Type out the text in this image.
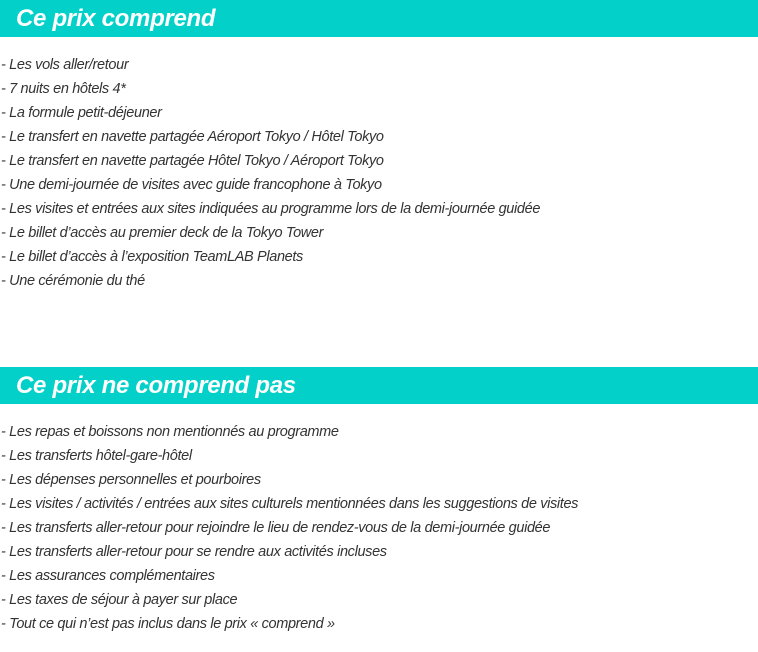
Ce prix comprend
- Les vols aller/retour
- 7 nuits en hôtels 4*
- La formule petit-déjeuner
- Le transfert en navette partagée Aéroport Tokyo / Hôtel Tokyo
- Le transfert en navette partagée Hôtel Tokyo / Aéroport Tokyo
- Une demi-journée de visites avec guide francophone à Tokyo
- Les visites et entrées aux sites indiquées au programme lors de la demi-journée guidée
- Le billet d’accès au premier deck de la Tokyo Tower
- Le billet d’accès à l’exposition TeamLAB Planets
- Une cérémonie du thé
Ce prix ne comprend pas
- Les repas et boissons non mentionnés au programme
- Les transferts hôtel-gare-hôtel
- Les dépenses personnelles et pourboires
- Les visites / activités / entrées aux sites culturels mentionnées dans les suggestions de visites
- Les transferts aller-retour pour rejoindre le lieu de rendez-vous de la demi-journée guidée
- Les transferts aller-retour pour se rendre aux activités incluses
- Les assurances complémentaires
- Les taxes de séjour à payer sur place
- Tout ce qui n’est pas inclus dans le prix « comprend »
